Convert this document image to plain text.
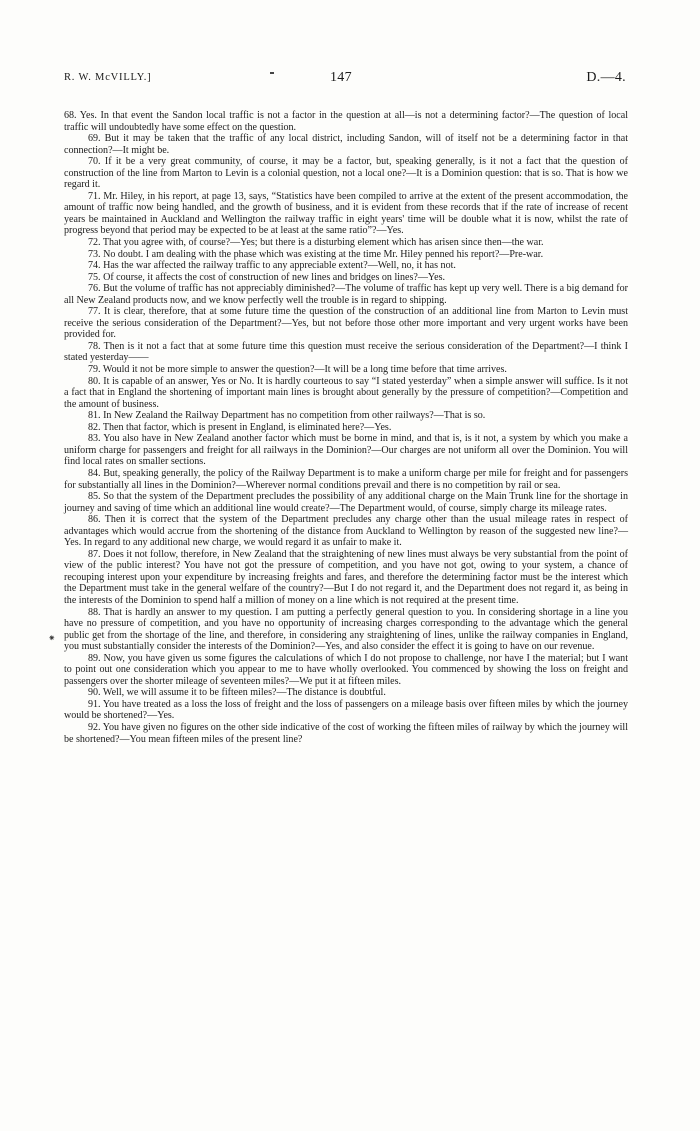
R. W. McVILLY.]	147	D.—4.

68. Yes. In that event the Sandon local traffic is not a factor in the question at all—is not a determining factor?—The question of local traffic will undoubtedly have some effect on the question.

69. But it may be taken that the traffic of any local district, including Sandon, will of itself not be a determining factor in that connection?—It might be.

70. If it be a very great community, of course, it may be a factor, but, speaking generally, is it not a fact that the question of construction of the line from Marton to Levin is a colonial question, not a local one?—It is a Dominion question: that is so. That is how we regard it.

71. Mr. Hiley, in his report, at page 13, says, “Statistics have been compiled to arrive at the extent of the present accommodation, the amount of traffic now being handled, and the growth of business, and it is evident from these records that if the rate of increase of recent years be maintained in Auckland and Wellington the railway traffic in eight years' time will be double what it is now, whilst the rate of progress beyond that period may be expected to be at least at the same ratio”?—Yes.

72. That you agree with, of course?—Yes; but there is a disturbing element which has arisen since then—the war.

73. No doubt. I am dealing with the phase which was existing at the time Mr. Hiley penned his report?—Pre-war.

74. Has the war affected the railway traffic to any appreciable extent?—Well, no, it has not.

75. Of course, it affects the cost of construction of new lines and bridges on lines?—Yes.

76. But the volume of traffic has not appreciably diminished?—The volume of traffic has kept up very well. There is a big demand for all New Zealand products now, and we know perfectly well the trouble is in regard to shipping.

77. It is clear, therefore, that at some future time the question of the construction of an additional line from Marton to Levin must receive the serious consideration of the Department?—Yes, but not before those other more important and very urgent works have been provided for.

78. Then is it not a fact that at some future time this question must receive the serious consideration of the Department?—I think I stated yesterday——

79. Would it not be more simple to answer the question?—It will be a long time before that time arrives.

80. It is capable of an answer, Yes or No. It is hardly courteous to say “I stated yesterday” when a simple answer will suffice. Is it not a fact that in England the shortening of important main lines is brought about generally by the pressure of competition?—Competition and the amount of business.

81. In New Zealand the Railway Department has no competition from other railways?—That is so.

82. Then that factor, which is present in England, is eliminated here?—Yes.

83. You also have in New Zealand another factor which must be borne in mind, and that is, is it not, a system by which you make a uniform charge for passengers and freight for all railways in the Dominion?—Our charges are not uniform all over the Dominion. You will find local rates on smaller sections.

84. But, speaking generally, the policy of the Railway Department is to make a uniform charge per mile for freight and for passengers for substantially all lines in the Dominion?—Wherever normal conditions prevail and there is no competition by rail or sea.

85. So that the system of the Department precludes the possibility of any additional charge on the Main Trunk line for the shortage in journey and saving of time which an additional line would create?—The Department would, of course, simply charge its mileage rates.

86. Then it is correct that the system of the Department precludes any charge other than the usual mileage rates in respect of advantages which would accrue from the shortening of the distance from Auckland to Wellington by reason of the suggested new line?—Yes. In regard to any additional new charge, we would regard it as unfair to make it.

87. Does it not follow, therefore, in New Zealand that the straightening of new lines must always be very substantial from the point of view of the public interest? You have not got the pressure of competition, and you have not got, owing to your system, a chance of recouping interest upon your expenditure by increasing freights and fares, and therefore the determining factor must be the interest which the Department must take in the general welfare of the country?—But I do not regard it, and the Department does not regard it, as being in the interests of the Dominion to spend half a million of money on a line which is not required at the present time.

88. That is hardly an answer to my question. I am putting a perfectly general question to you. In considering shortage in a line you have no pressure of competition, and you have no opportunity of increasing charges corresponding to the advantage which the general public get from the shortage of the line, and therefore, in considering any straightening of lines, unlike the railway companies in England, you must substantially consider the interests of the Dominion?—Yes, and also consider the effect it is going to have on our revenue.

89. Now, you have given us some figures the calculations of which I do not propose to challenge, nor have I the material; but I want to point out one consideration which you appear to me to have wholly overlooked. You commenced by showing the loss on freight and passengers over the shorter mileage of seventeen miles?—We put it at fifteen miles.

90. Well, we will assume it to be fifteen miles?—The distance is doubtful.

91. You have treated as a loss the loss of freight and the loss of passengers on a mileage basis over fifteen miles by which the journey would be shortened?—Yes.

92. You have given no figures on the other side indicative of the cost of working the fifteen miles of railway by which the journey will be shortened?—You mean fifteen miles of the present line?

⁕
